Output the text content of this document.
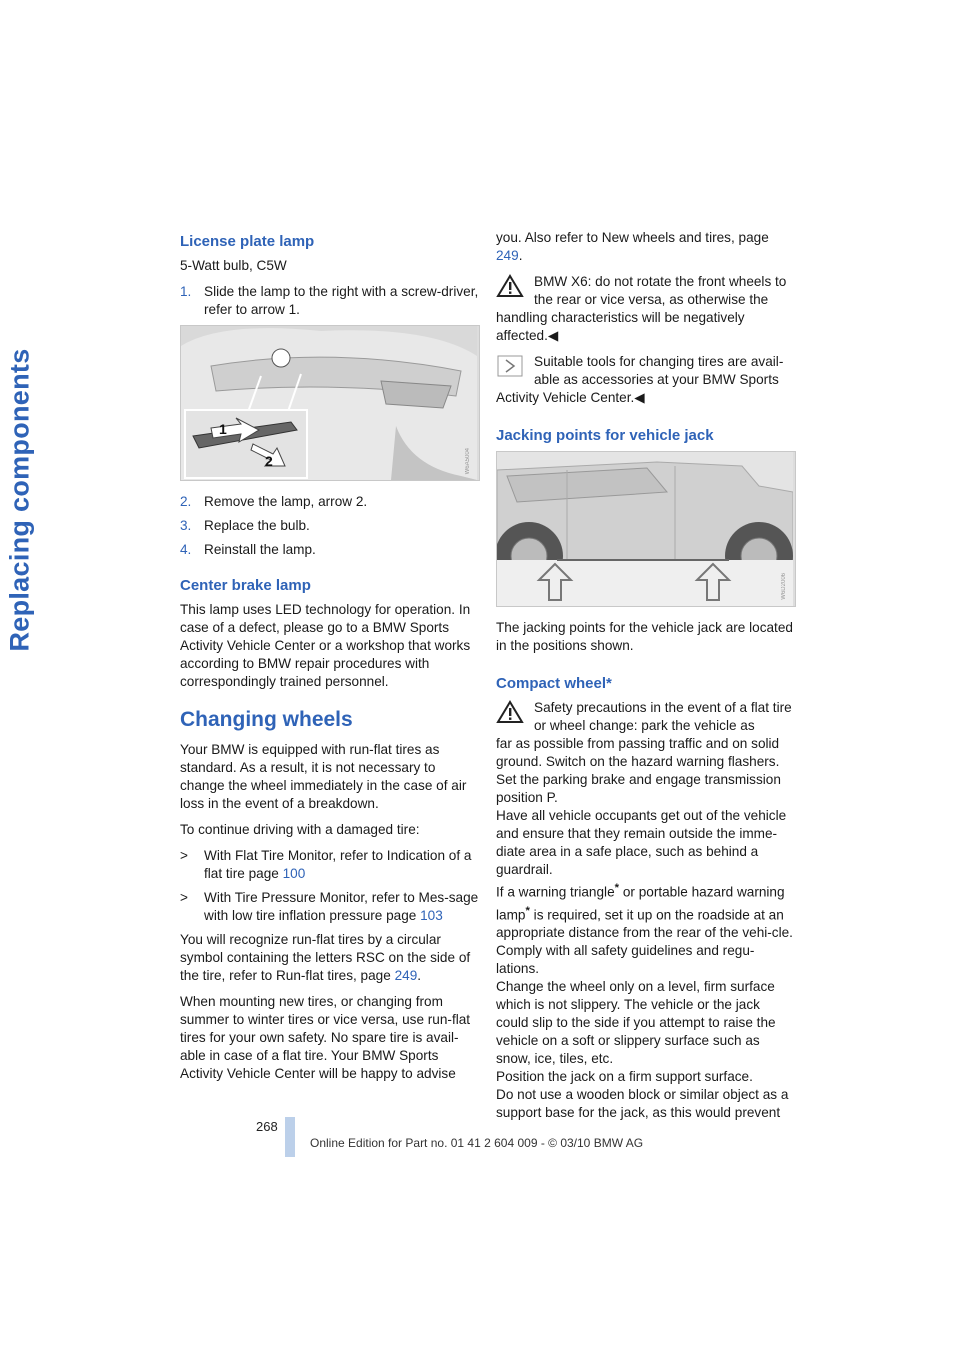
Replacing components
License plate lamp

5-Watt bulb, C5W

1. Slide the lamp to the right with a screw-driver, refer to arrow 1.
1
2	W6A5004
2. Remove the lamp, arrow 2.
3. Replace the bulb.
4. Reinstall the lamp.
Center brake lamp

This lamp uses LED technology for operation. In case of a defect, please go to a BMW Sports Activity Vehicle Center or a workshop that works according to BMW repair procedures with correspondingly trained personnel.

Changing wheels

Your BMW is equipped with run-flat tires as standard. As a result, it is not necessary to change the wheel immediately in the case of air loss in the event of a breakdown.

To continue driving with a damaged tire:

>	With Flat Tire Monitor, refer to Indication of a flat tire page 100
>	With Tire Pressure Monitor, refer to Mes-sage with low tire inflation pressure page 103

You will recognize run-flat tires by a circular symbol containing the letters RSC on the side of the tire, refer to Run-flat tires, page 249.

When mounting new tires, or changing from summer to winter tires or vice versa, use run-flat tires for your own safety. No spare tire is avail-able in case of a flat tire. Your BMW Sports Activity Vehicle Center will be happy to advise

you. Also refer to New wheels and tires, page 249.

BMW X6: do not rotate the front wheels to the rear or vice versa, as otherwise the

handling characteristics will be negatively affected.◀

Suitable tools for changing tires are avail-able as accessories at your BMW Sports

Activity Vehicle Center.◀

Jacking points for vehicle jack
W6D2006

The jacking points for the vehicle jack are located in the positions shown.

Compact wheel*
Safety precautions in the event of a flat tire or wheel change: park the vehicle as
far as possible from passing traffic and on solid ground. Switch on the hazard warning flashers. Set the parking brake and engage transmission position P.
Have all vehicle occupants get out of the vehicle and ensure that they remain outside the imme-diate area in a safe place, such as behind a guardrail.
If a warning triangle* or portable hazard warning lamp* is required, set it up on the roadside at an appropriate distance from the rear of the vehi-cle. Comply with all safety guidelines and regu-lations.
Change the wheel only on a level, firm surface which is not slippery. The vehicle or the jack could slip to the side if you attempt to raise the vehicle on a soft or slippery surface such as snow, ice, tiles, etc.
Position the jack on a firm support surface.
Do not use a wooden block or similar object as a support base for the jack, as this would prevent
268
Online Edition for Part no. 01 41 2 604 009 - © 03/10 BMW AG
